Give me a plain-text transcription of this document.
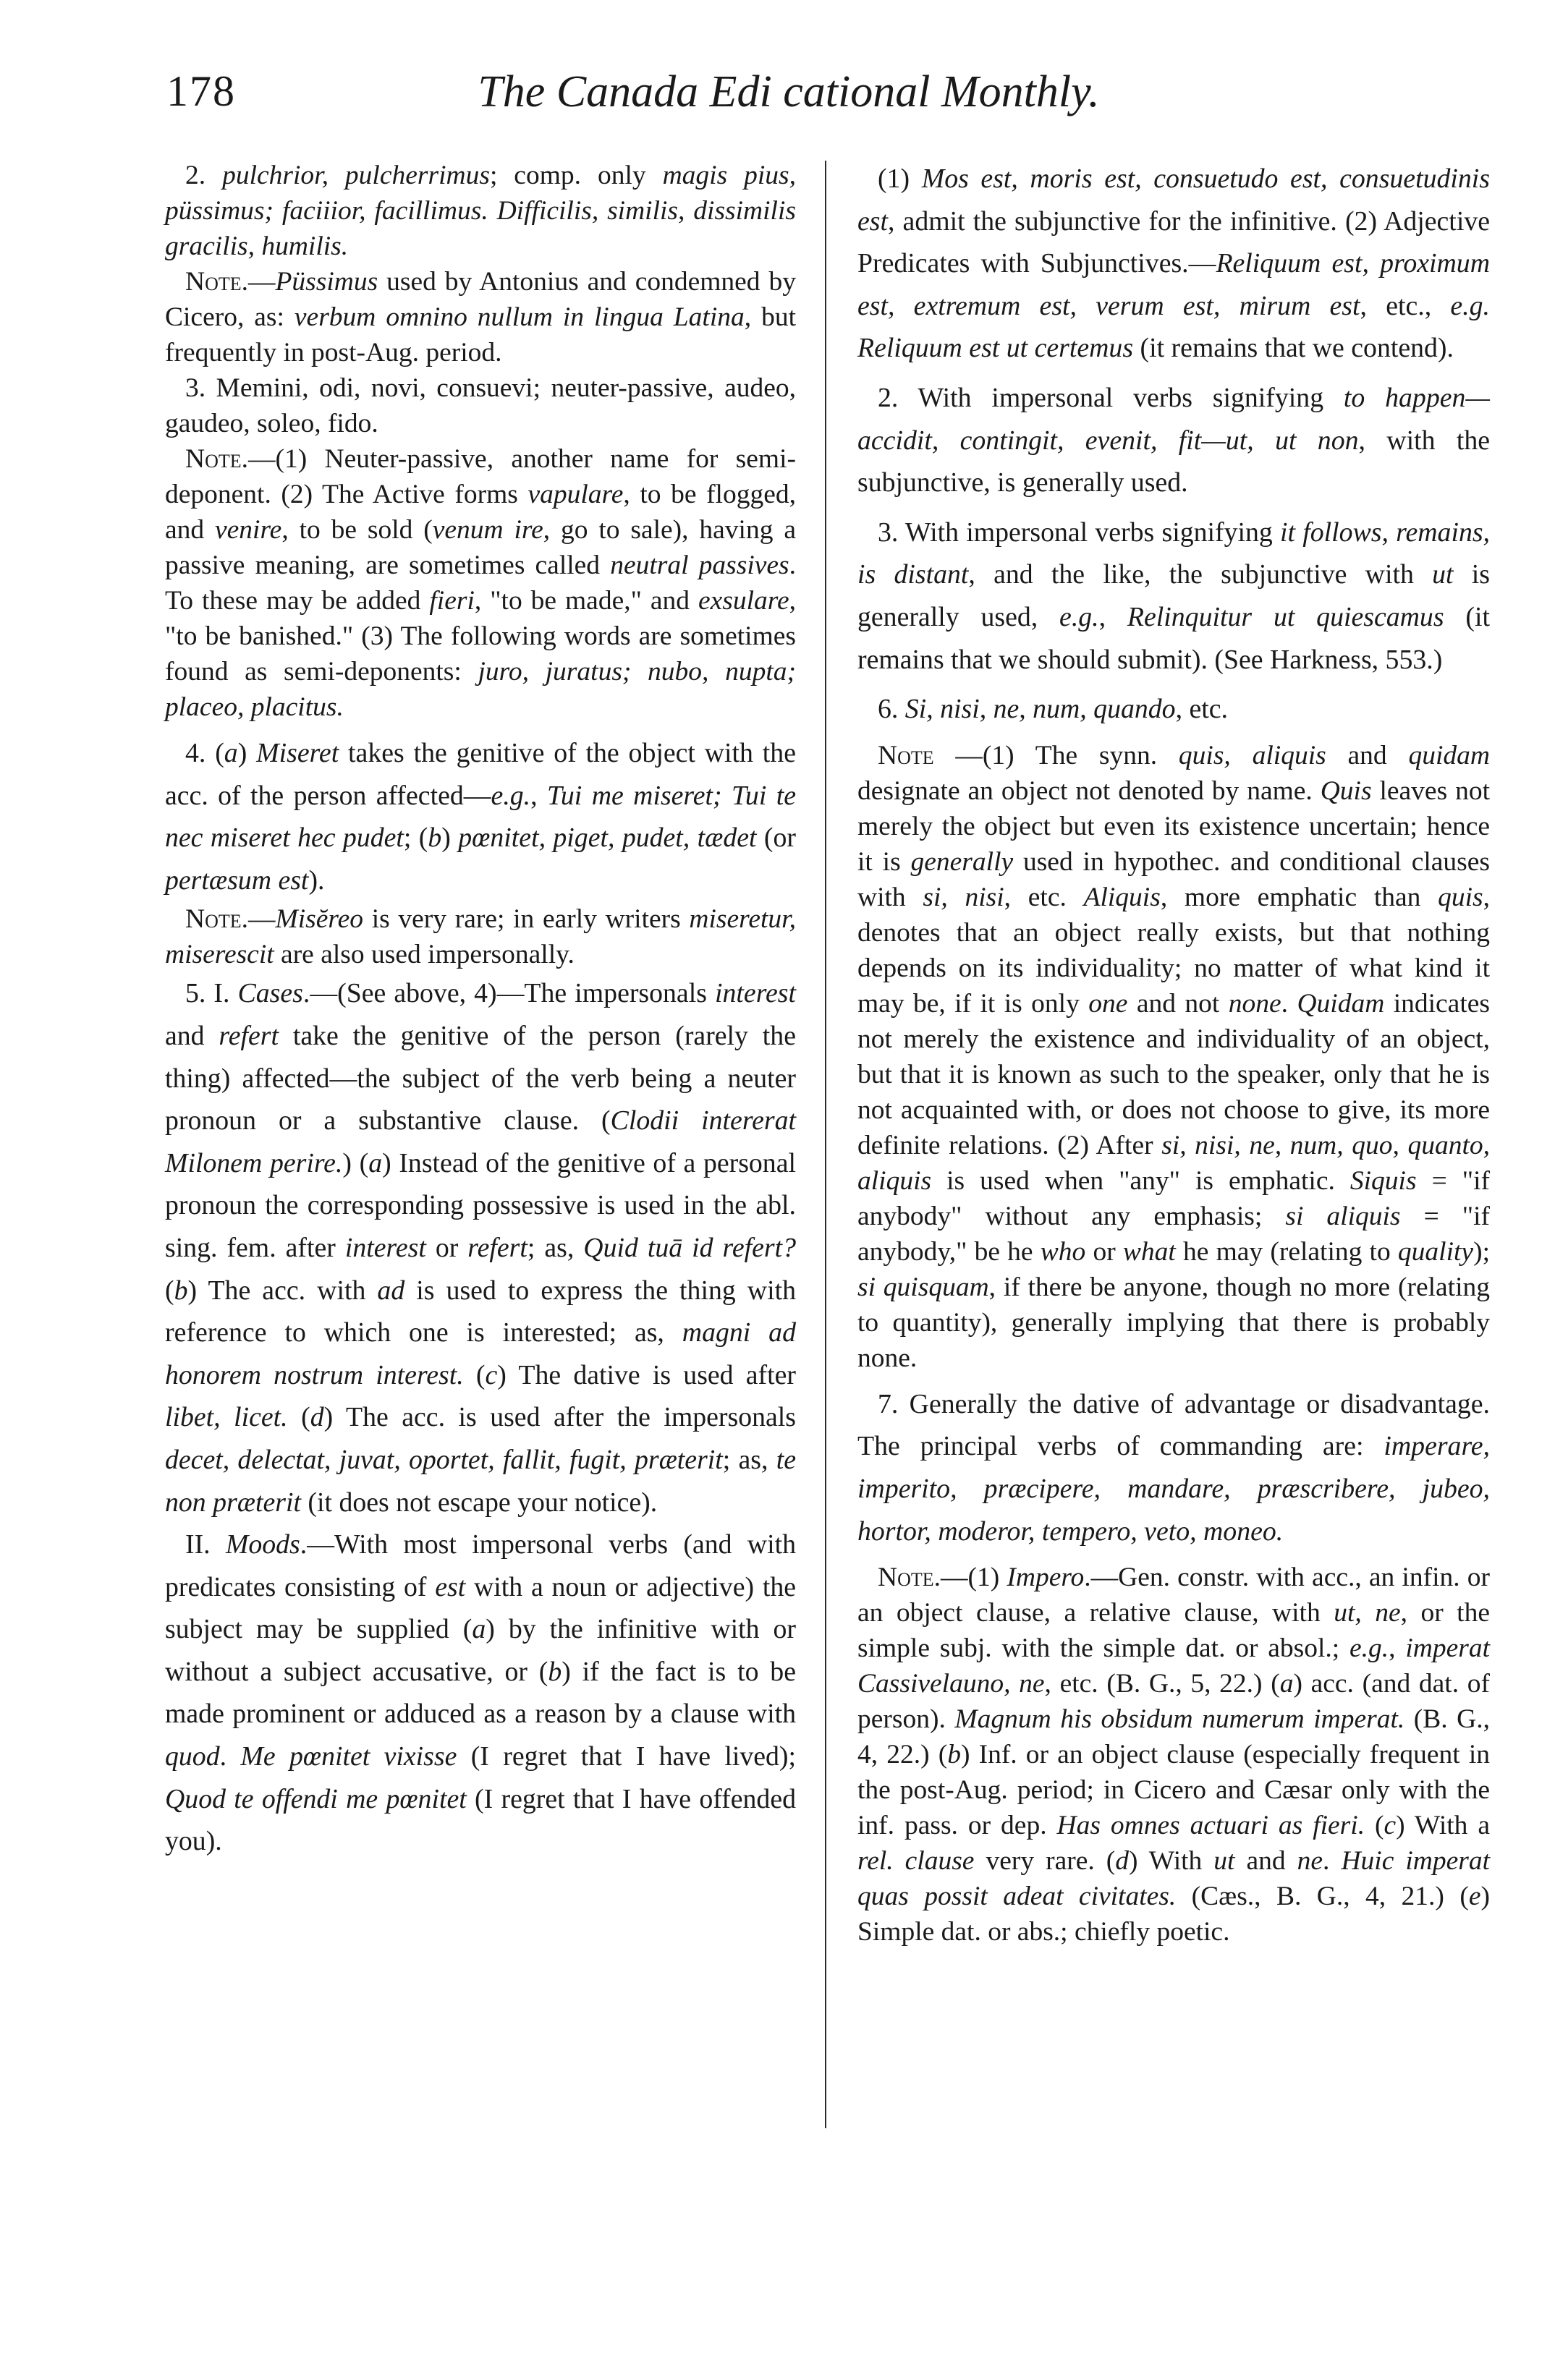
178	The Canada Edi cational Monthly.

2. pulchrior, pulcherrimus; comp. only magis pius, püssimus; faciiior, facillimus. Difficilis, similis, dissimilis gracilis, humilis.

Note.—Püssimus used by Antonius and condemned by Cicero, as: verbum omnino nullum in lingua Latina, but frequently in post-Aug. period.

3. Memini, odi, novi, consuevi; neuter-passive, audeo, gaudeo, soleo, fido.

Note.—(1) Neuter-passive, another name for semi-deponent. (2) The Active forms vapulare, to be flogged, and venire, to be sold (venum ire, go to sale), having a passive meaning, are sometimes called neutral passives. To these may be added fieri, "to be made," and exsulare, "to be banished." (3) The following words are sometimes found as semi-deponents: juro, juratus; nubo, nupta; placeo, placitus.

4. (a) Miseret takes the genitive of the object with the acc. of the person affected—e.g., Tui me miseret; Tui te nec miseret hec pudet; (b) pœnitet, piget, pudet, tædet (or pertæsum est).

Note.—Misĕreo is very rare; in early writers miseretur, miserescit are also used impersonally.

5. I. Cases.—(See above, 4)—The impersonals interest and refert take the genitive of the person (rarely the thing) affected—the subject of the verb being a neuter pronoun or a substantive clause. (Clodii intererat Milonem perire.) (a) Instead of the genitive of a personal pronoun the corresponding possessive is used in the abl. sing. fem. after interest or refert; as, Quid tuā id refert? (b) The acc. with ad is used to express the thing with reference to which one is interested; as, magni ad honorem nostrum interest. (c) The dative is used after libet, licet. (d) The acc. is used after the impersonals decet, delectat, juvat, oportet, fallit, fugit, præterit; as, te non præterit (it does not escape your notice).

II. Moods.—With most impersonal verbs (and with predicates consisting of est with a noun or adjective) the subject may be supplied (a) by the infinitive with or without a subject accusative, or (b) if the fact is to be made prominent or adduced as a reason by a clause with quod. Me pœnitet vixisse (I regret that I have lived); Quod te offendi me pœnitet (I regret that I have offended you).

(1) Mos est, moris est, consuetudo est, consuetudinis est, admit the subjunctive for the infinitive. (2) Adjective Predicates with Subjunctives.—Reliquum est, proximum est, extremum est, verum est, mirum est, etc., e.g. Reliquum est ut certemus (it remains that we contend).

2. With impersonal verbs signifying to happen—accidit, contingit, evenit, fit—ut, ut non, with the subjunctive, is generally used.

3. With impersonal verbs signifying it follows, remains, is distant, and the like, the subjunctive with ut is generally used, e.g., Relinquitur ut quiescamus (it remains that we should submit). (See Harkness, 553.)

6. Si, nisi, ne, num, quando, etc.

Note —(1) The synn. quis, aliquis and quidam designate an object not denoted by name. Quis leaves not merely the object but even its existence uncertain; hence it is generally used in hypothec. and conditional clauses with si, nisi, etc. Aliquis, more emphatic than quis, denotes that an object really exists, but that nothing depends on its individuality; no matter of what kind it may be, if it is only one and not none. Quidam indicates not merely the existence and individuality of an object, but that it is known as such to the speaker, only that he is not acquainted with, or does not choose to give, its more definite relations. (2) After si, nisi, ne, num, quo, quanto, aliquis is used when "any" is emphatic. Siquis = "if anybody" without any emphasis; si aliquis = "if anybody," be he who or what he may (relating to quality); si quisquam, if there be anyone, though no more (relating to quantity), generally implying that there is probably none.

7. Generally the dative of advantage or disadvantage. The principal verbs of commanding are: imperare, imperito, præcipere, mandare, præscribere, jubeo, hortor, moderor, tempero, veto, moneo.

Note.—(1) Impero.—Gen. constr. with acc., an infin. or an object clause, a relative clause, with ut, ne, or the simple subj. with the simple dat. or absol.; e.g., imperat Cassivelauno, ne, etc. (B. G., 5, 22.) (a) acc. (and dat. of person). Magnum his obsidum numerum imperat. (B. G., 4, 22.) (b) Inf. or an object clause (especially frequent in the post-Aug. period; in Cicero and Cæsar only with the inf. pass. or dep. Has omnes actuari as fieri. (c) With a rel. clause very rare. (d) With ut and ne. Huic imperat quas possit adeat civitates. (Cæs., B. G., 4, 21.) (e) Simple dat. or abs.; chiefly poetic.
